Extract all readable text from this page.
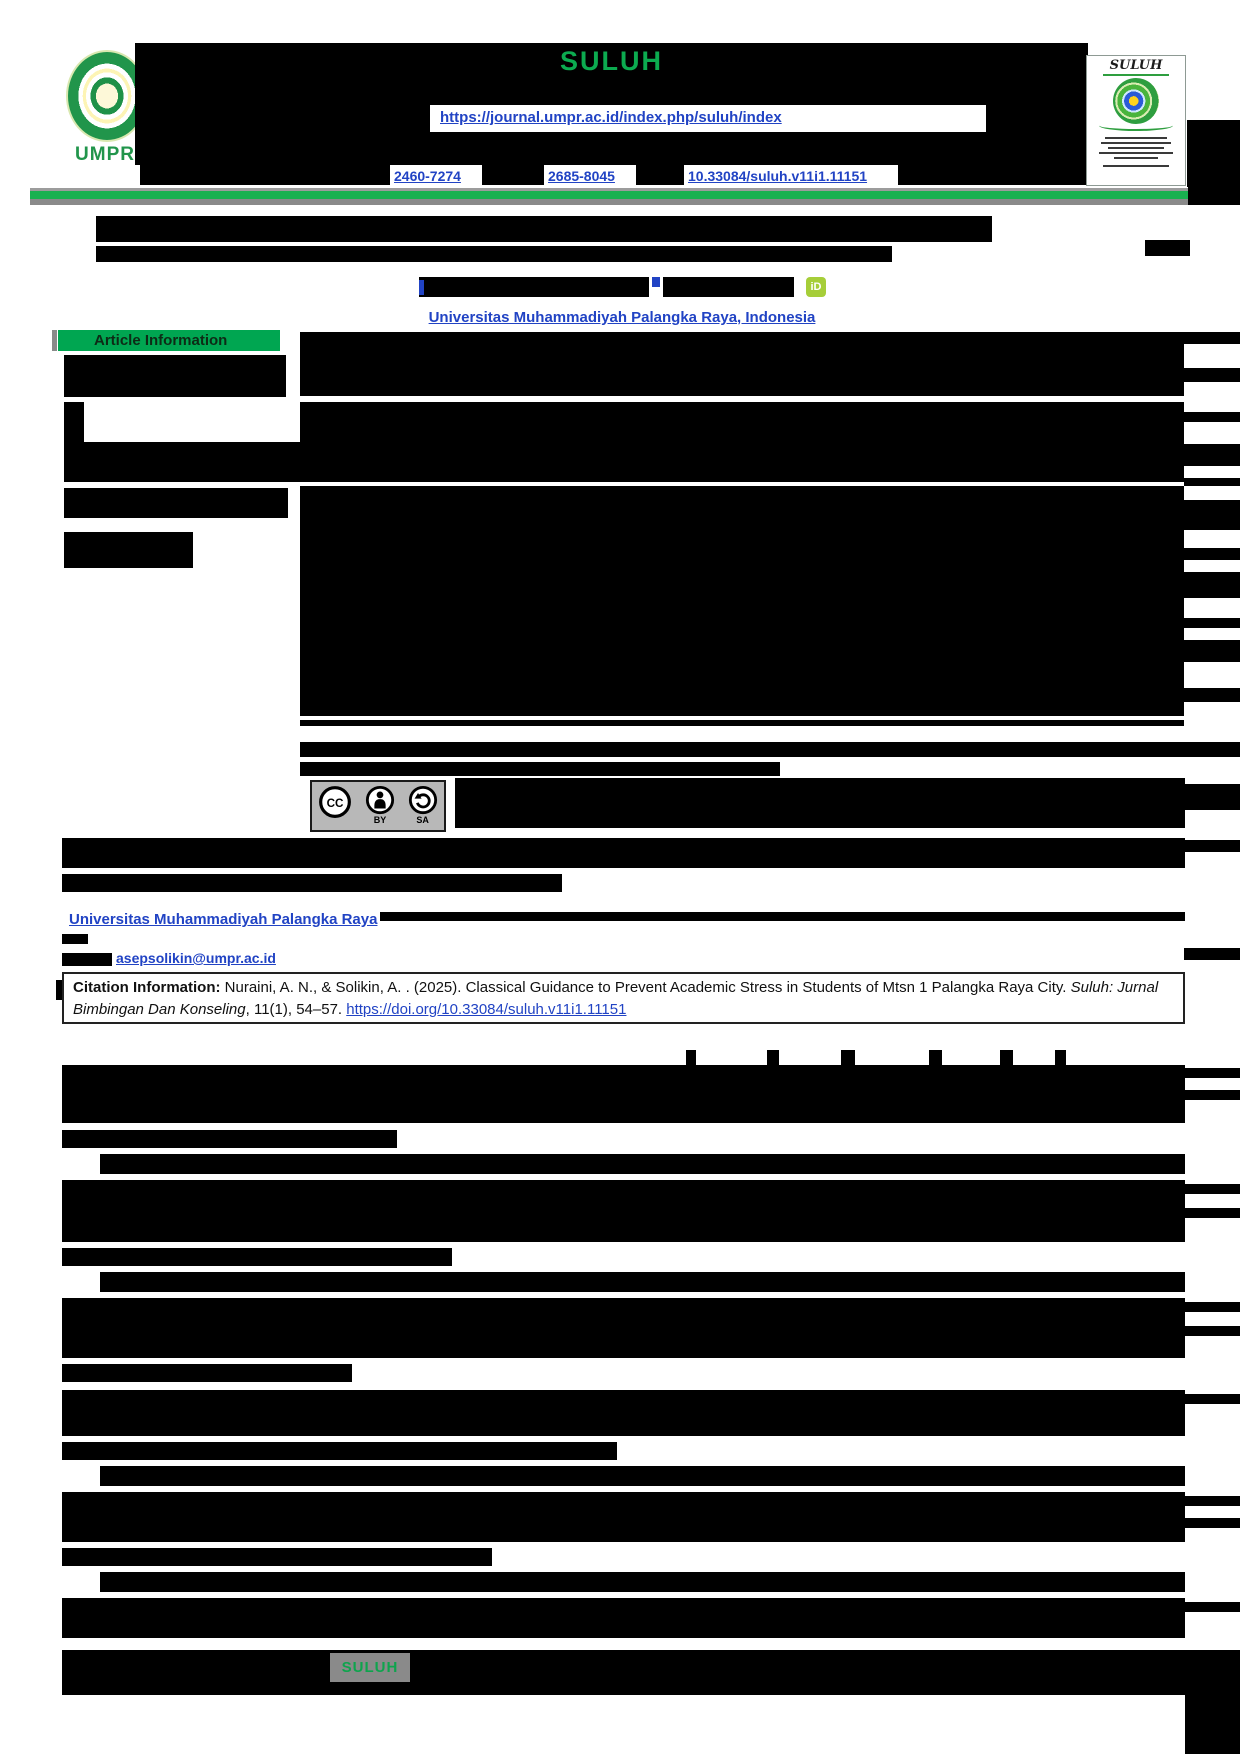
UMPR
SULUH
https://journal.umpr.ac.id/index.php/suluh/index
2460-7274	2685-8045	10.33084/suluh.v11i1.11151
SULUH
iD
Universitas Muhammadiyah Palangka Raya, Indonesia
Article Information
CC
BY	SA
Universitas Muhammadiyah Palangka Raya
asepsolikin@umpr.ac.id
Citation Information: Nuraini, A. N., & Solikin, A. . (2025). Classical Guidance to Prevent Academic Stress in Students of Mtsn 1 Palangka Raya City. Suluh: Jurnal Bimbingan Dan Konseling, 11(1), 54–57. https://doi.org/10.33084/suluh.v11i1.11151
SULUH
